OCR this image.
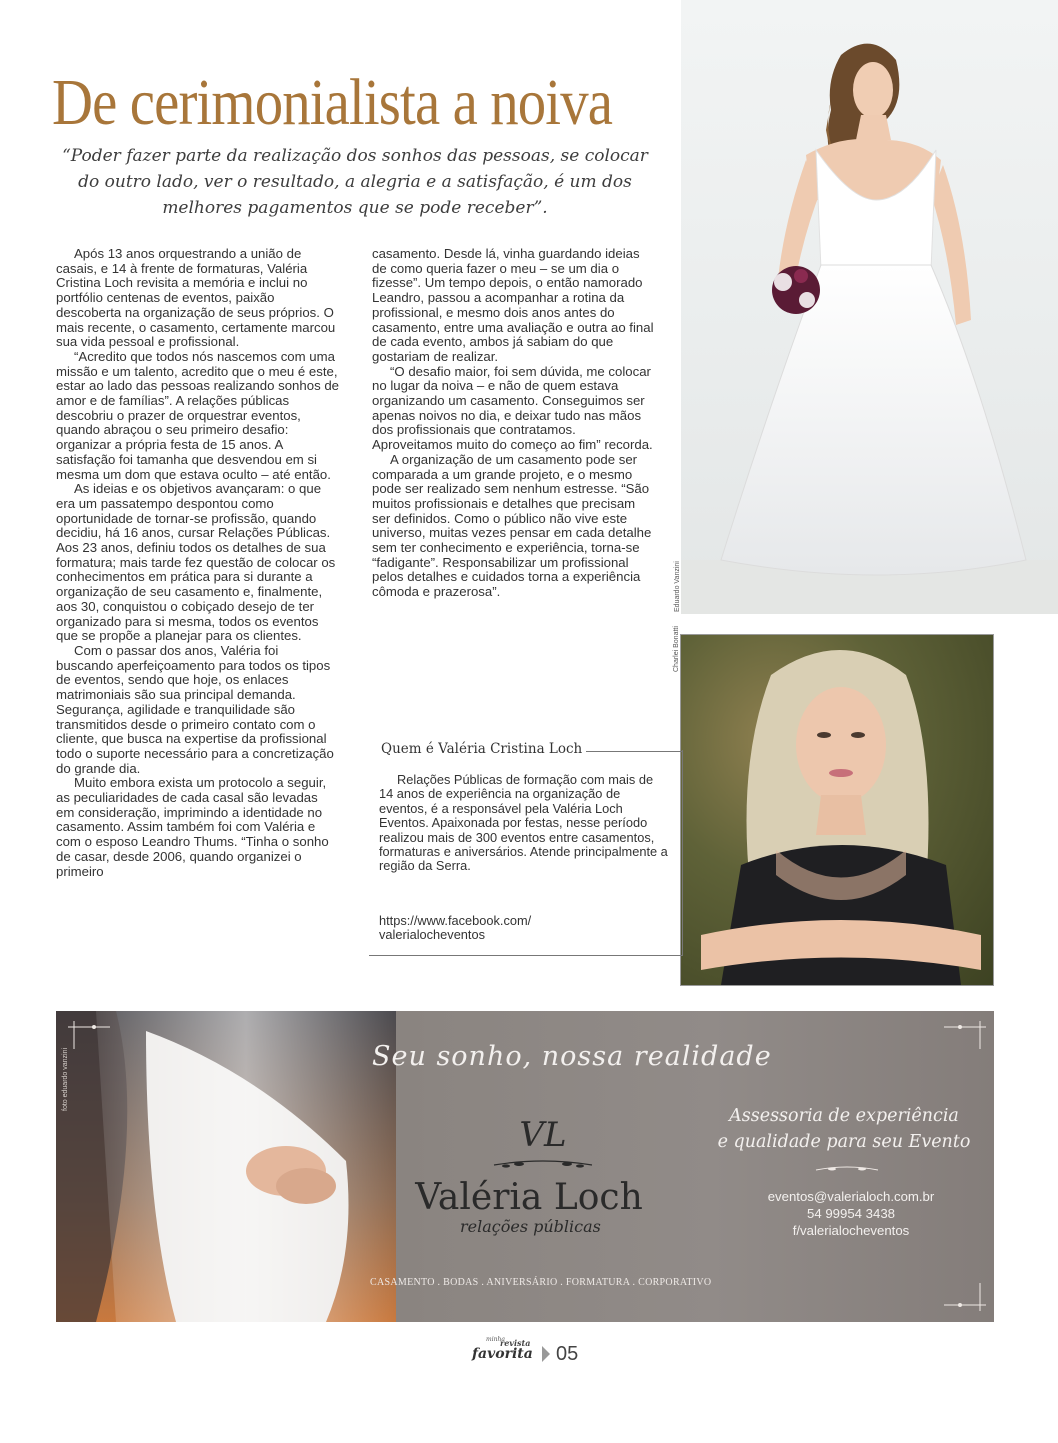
De cerimonialista a noiva

“Poder fazer parte da realização dos sonhos das pessoas, se colocar do outro lado, ver o resultado, a alegria e a satisfação, é um dos melhores pagamentos que se pode receber”.

Após 13 anos orquestrando a união de casais, e 14 à frente de formaturas, Valéria Cristina Loch revisita a memória e inclui no portfólio centenas de eventos, paixão descoberta na organização de seus próprios. O mais recente, o casamento, certamente marcou sua vida pessoal e profissional.

“Acredito que todos nós nascemos com uma missão e um talento, acredito que o meu é este, estar ao lado das pessoas realizando sonhos de amor e de famílias”. A relações públicas descobriu o prazer de orquestrar eventos, quando abraçou o seu primeiro desafio: organizar a própria festa de 15 anos. A satisfação foi tamanha que desvendou em si mesma um dom que estava oculto – até então.

As ideias e os objetivos avançaram: o que era um passatempo despontou como oportunidade de tornar-se profissão, quando decidiu, há 16 anos, cursar Relações Públicas. Aos 23 anos, definiu todos os detalhes de sua formatura; mais tarde fez questão de colocar os conhecimentos em prática para si durante a organização de seu casamento e, finalmente, aos 30, conquistou o cobiçado desejo de ter organizado para si mesma, todos os eventos que se propõe a planejar para os clientes.

Com o passar dos anos, Valéria foi buscando aperfeiçoamento para todos os tipos de eventos, sendo que hoje, os enlaces matrimoniais são sua principal demanda. Segurança, agilidade e tranquilidade são transmitidos desde o primeiro contato com o cliente, que busca na expertise da profissional todo o suporte necessário para a concretização do grande dia.

Muito embora exista um protocolo a seguir, as peculiaridades de cada casal são levadas em consideração, imprimindo a identidade no casamento. Assim também foi com Valéria e com o esposo Leandro Thums. “Tinha o sonho de casar, desde 2006, quando organizei o primeiro

casamento. Desde lá, vinha guardando ideias de como queria fazer o meu – se um dia o fizesse”. Um tempo depois, o então namorado Leandro, passou a acompanhar a rotina da profissional, e mesmo dois anos antes do casamento, entre uma avaliação e outra ao final de cada evento, ambos já sabiam do que gostariam de realizar.

“O desafio maior, foi sem dúvida, me colocar no lugar da noiva – e não de quem estava organizando um casamento. Conseguimos ser apenas noivos no dia, e deixar tudo nas mãos dos profissionais que contratamos. Aproveitamos muito do começo ao fim” recorda.

A organização de um casamento pode ser comparada a um grande projeto, e o mesmo pode ser realizado sem nenhum estresse. “São muitos profissionais e detalhes que precisam ser definidos. Como o público não vive este universo, muitas vezes pensar em cada detalhe sem ter conhecimento e experiência, torna-se “fadigante”. Responsabilizar um profissional pelos detalhes e cuidados torna a experiência cômoda e prazerosa”.	Eduardo Vanzini
Charlei Bonatti
Quem é Valéria Cristina Loch

Relações Públicas de formação com mais de 14 anos de experiência na organização de eventos, é a responsável pela Valéria Loch Eventos. Apaixonada por festas, nesse período realizou mais de 300 eventos entre casamentos, formaturas e aniversários. Atende principalmente a região da Serra.

https://www.facebook.com/
valerialocheventos
foto eduardo vanzini	Seu sonho, nossa realidade
VL
Valéria Loch
relações públicas
Assessoria de experiência
e qualidade para seu Evento
eventos@valerialoch.com.br
54 99954 3438
f/valerialocheventos
CASAMENTO . BODAS . ANIVERSÁRIO . FORMATURA . CORPORATIVO
minha
revista
favorita 05
